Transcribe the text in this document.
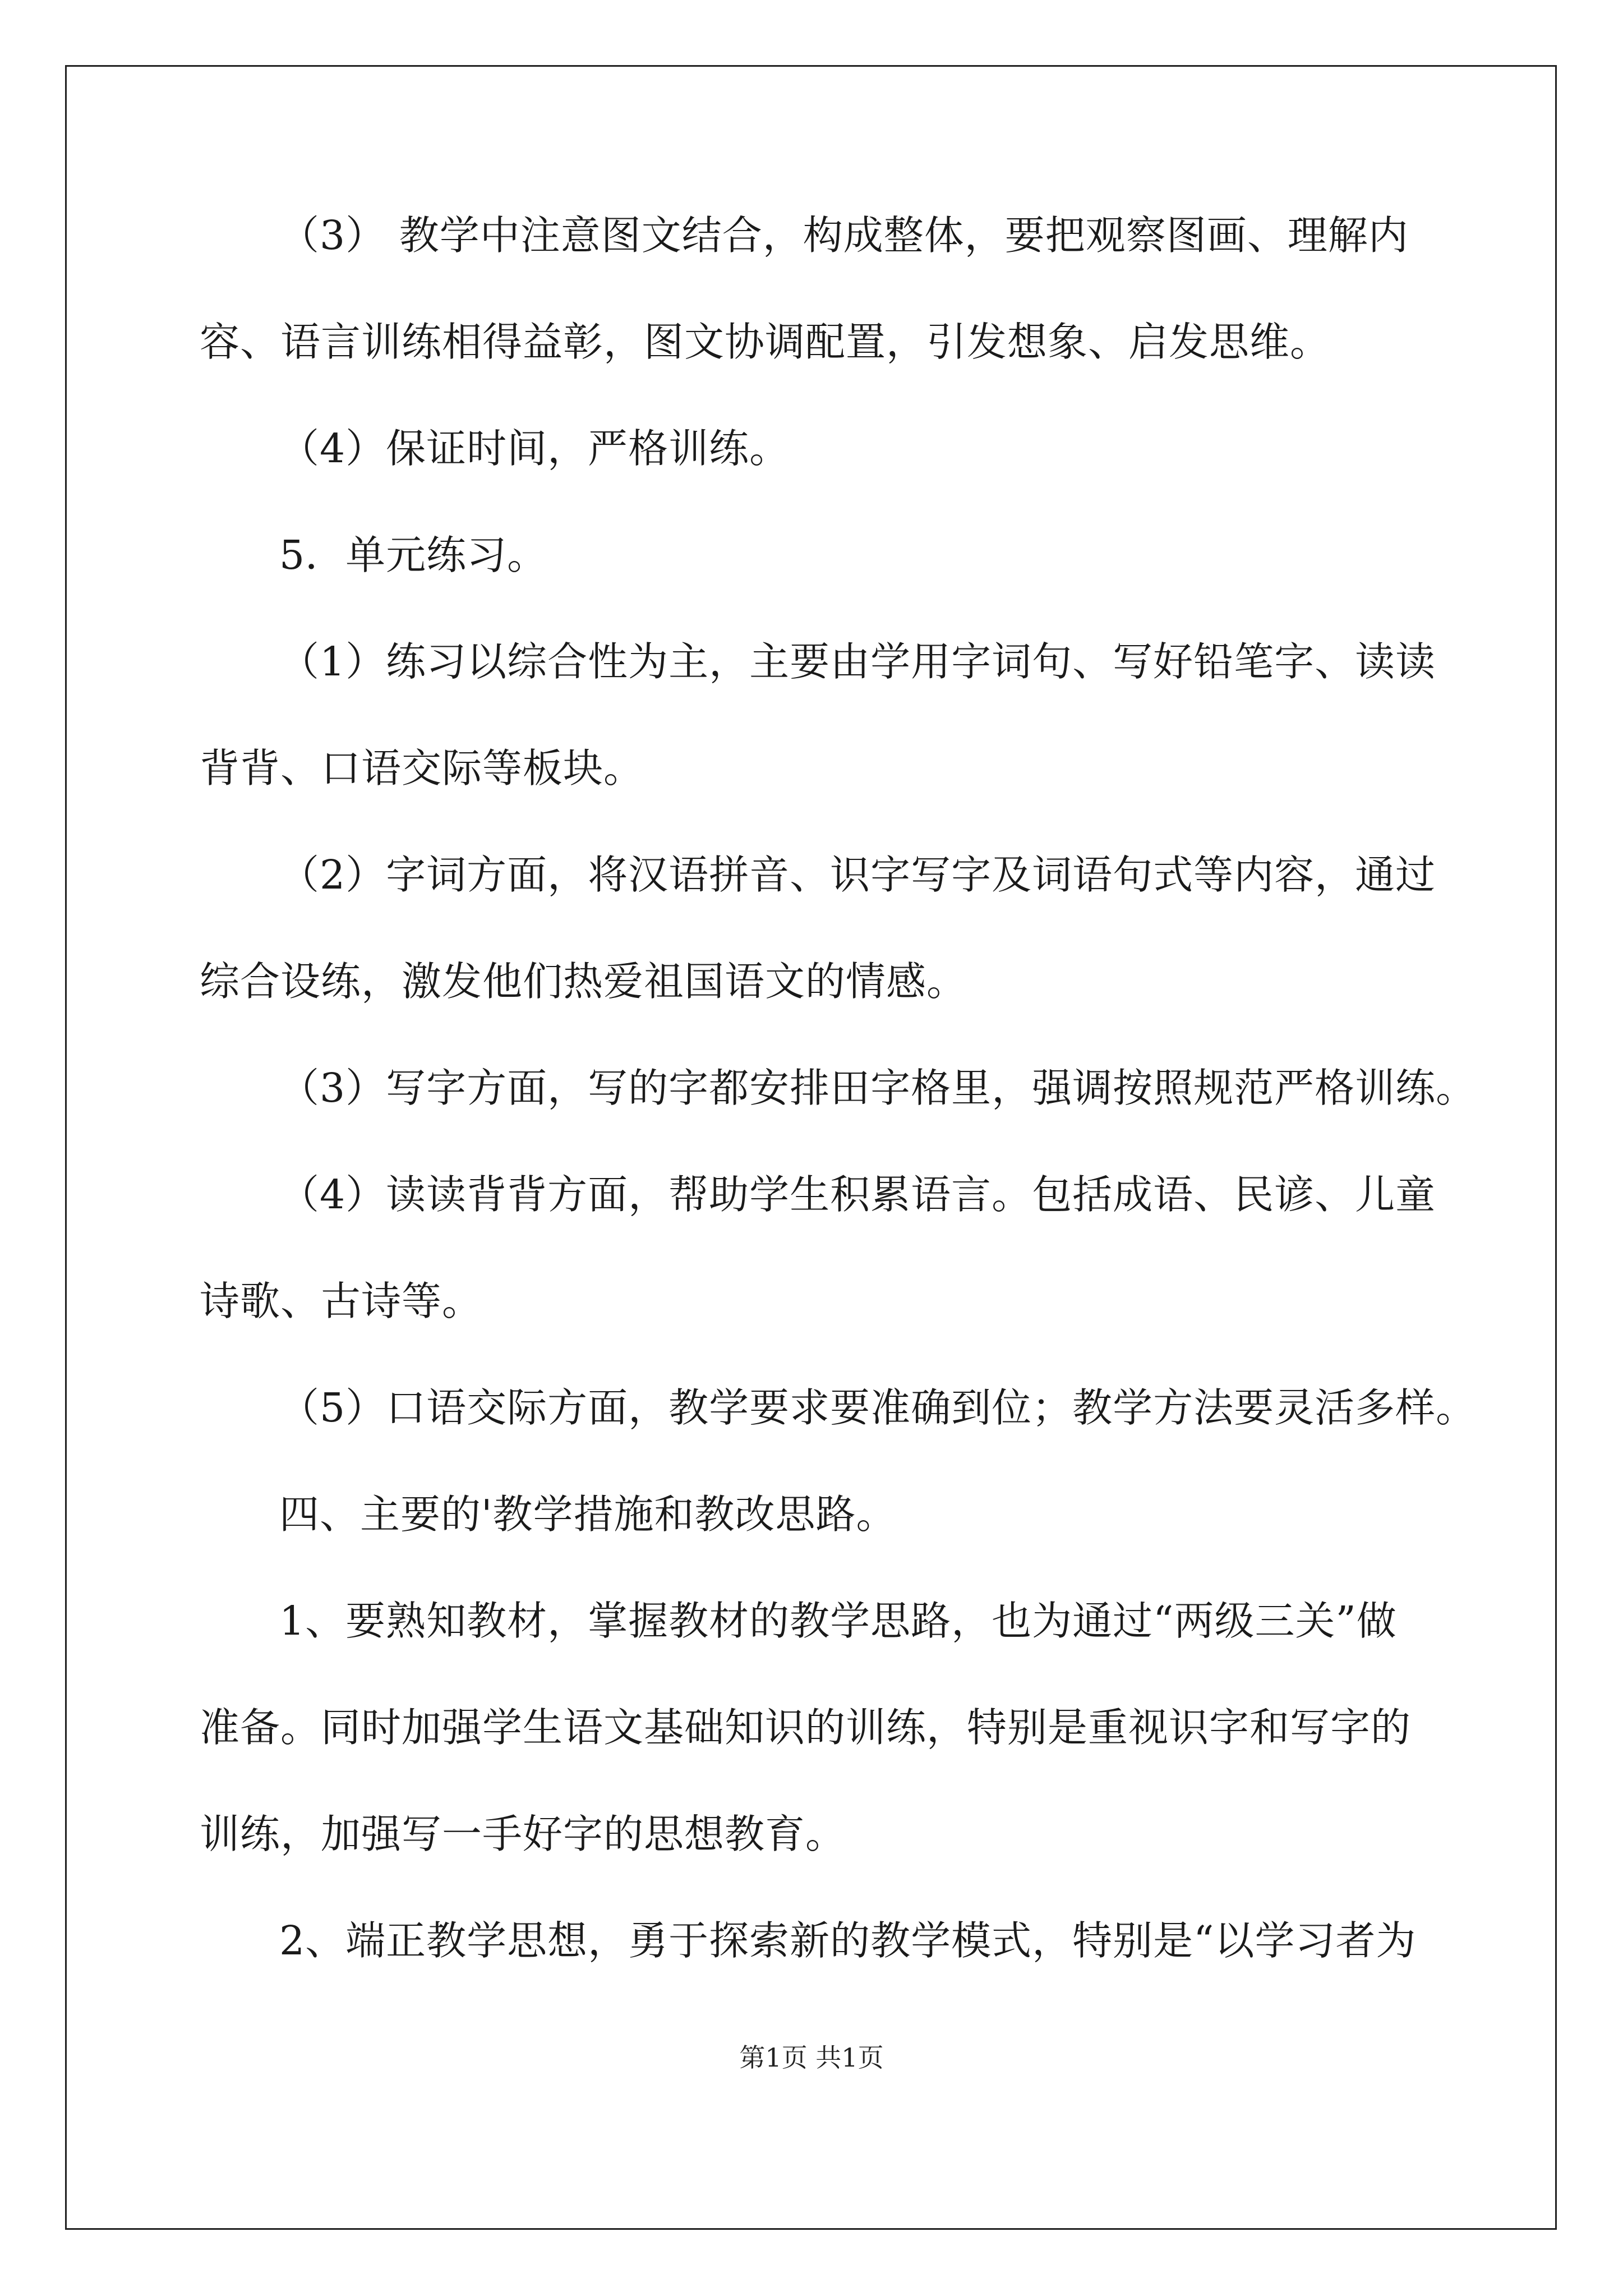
（3） 教学中注意图文结合，构成整体，要把观察图画、理解内
容、语言训练相得益彰，图文协调配置，引发想象、启发思维。
（4）保证时间，严格训练。
5．单元练习。
（1）练习以综合性为主，主要由学用字词句、写好铅笔字、读读
背背、口语交际等板块。
（2）字词方面，将汉语拼音、识字写字及词语句式等内容，通过
综合设练，激发他们热爱祖国语文的情感。
（3）写字方面，写的字都安排田字格里，强调按照规范严格训练。
（4）读读背背方面，帮助学生积累语言。包括成语、民谚、儿童
诗歌、古诗等。
（5）口语交际方面，教学要求要准确到位；教学方法要灵活多样。
四、主要的'教学措施和教改思路。
1、要熟知教材，掌握教材的教学思路，也为通过“两级三关”做
准备。同时加强学生语文基础知识的训练，特别是重视识字和写字的
训练，加强写一手好字的思想教育。
2、端正教学思想，勇于探索新的教学模式，特别是“以学习者为
第1页 共1页
